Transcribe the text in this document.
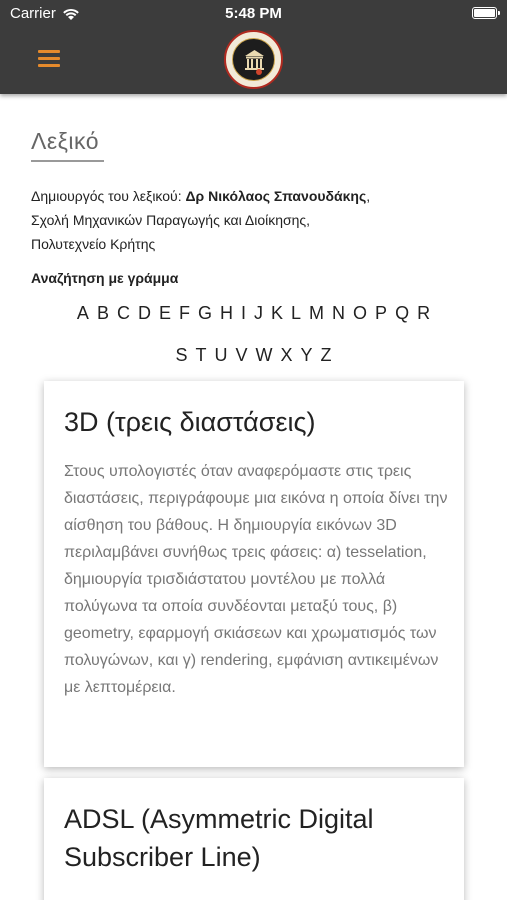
Carrier	5:48 PM
Λεξικό
Δημιουργός του λεξικού: Δρ Νικόλαος Σπανουδάκης,
Σχολή Μηχανικών Παραγωγής και Διοίκησης,
Πολυτεχνείο Κρήτης
Αναζήτηση με γράμμα
A B C D E F G H I J K L M N O P Q R
S T U V W X Y Z
3D (τρεις διαστάσεις)
Στους υπολογιστές όταν αναφερόμαστε στις τρεις διαστάσεις, περιγράφουμε μια εικόνα η οποία δίνει την αίσθηση του βάθους. Η δημιουργία εικόνων 3D περιλαμβάνει συνήθως τρεις φάσεις: α) tesselation, δημιουργία τρισδιάστατου μοντέλου με πολλά πολύγωνα τα οποία συνδέονται μεταξύ τους, β) geometry, εφαρμογή σκιάσεων και χρωματισμός των πολυγώνων, και γ) rendering, εμφάνιση αντικειμένων με λεπτομέρεια.
ADSL (Asymmetric Digital Subscriber Line)
